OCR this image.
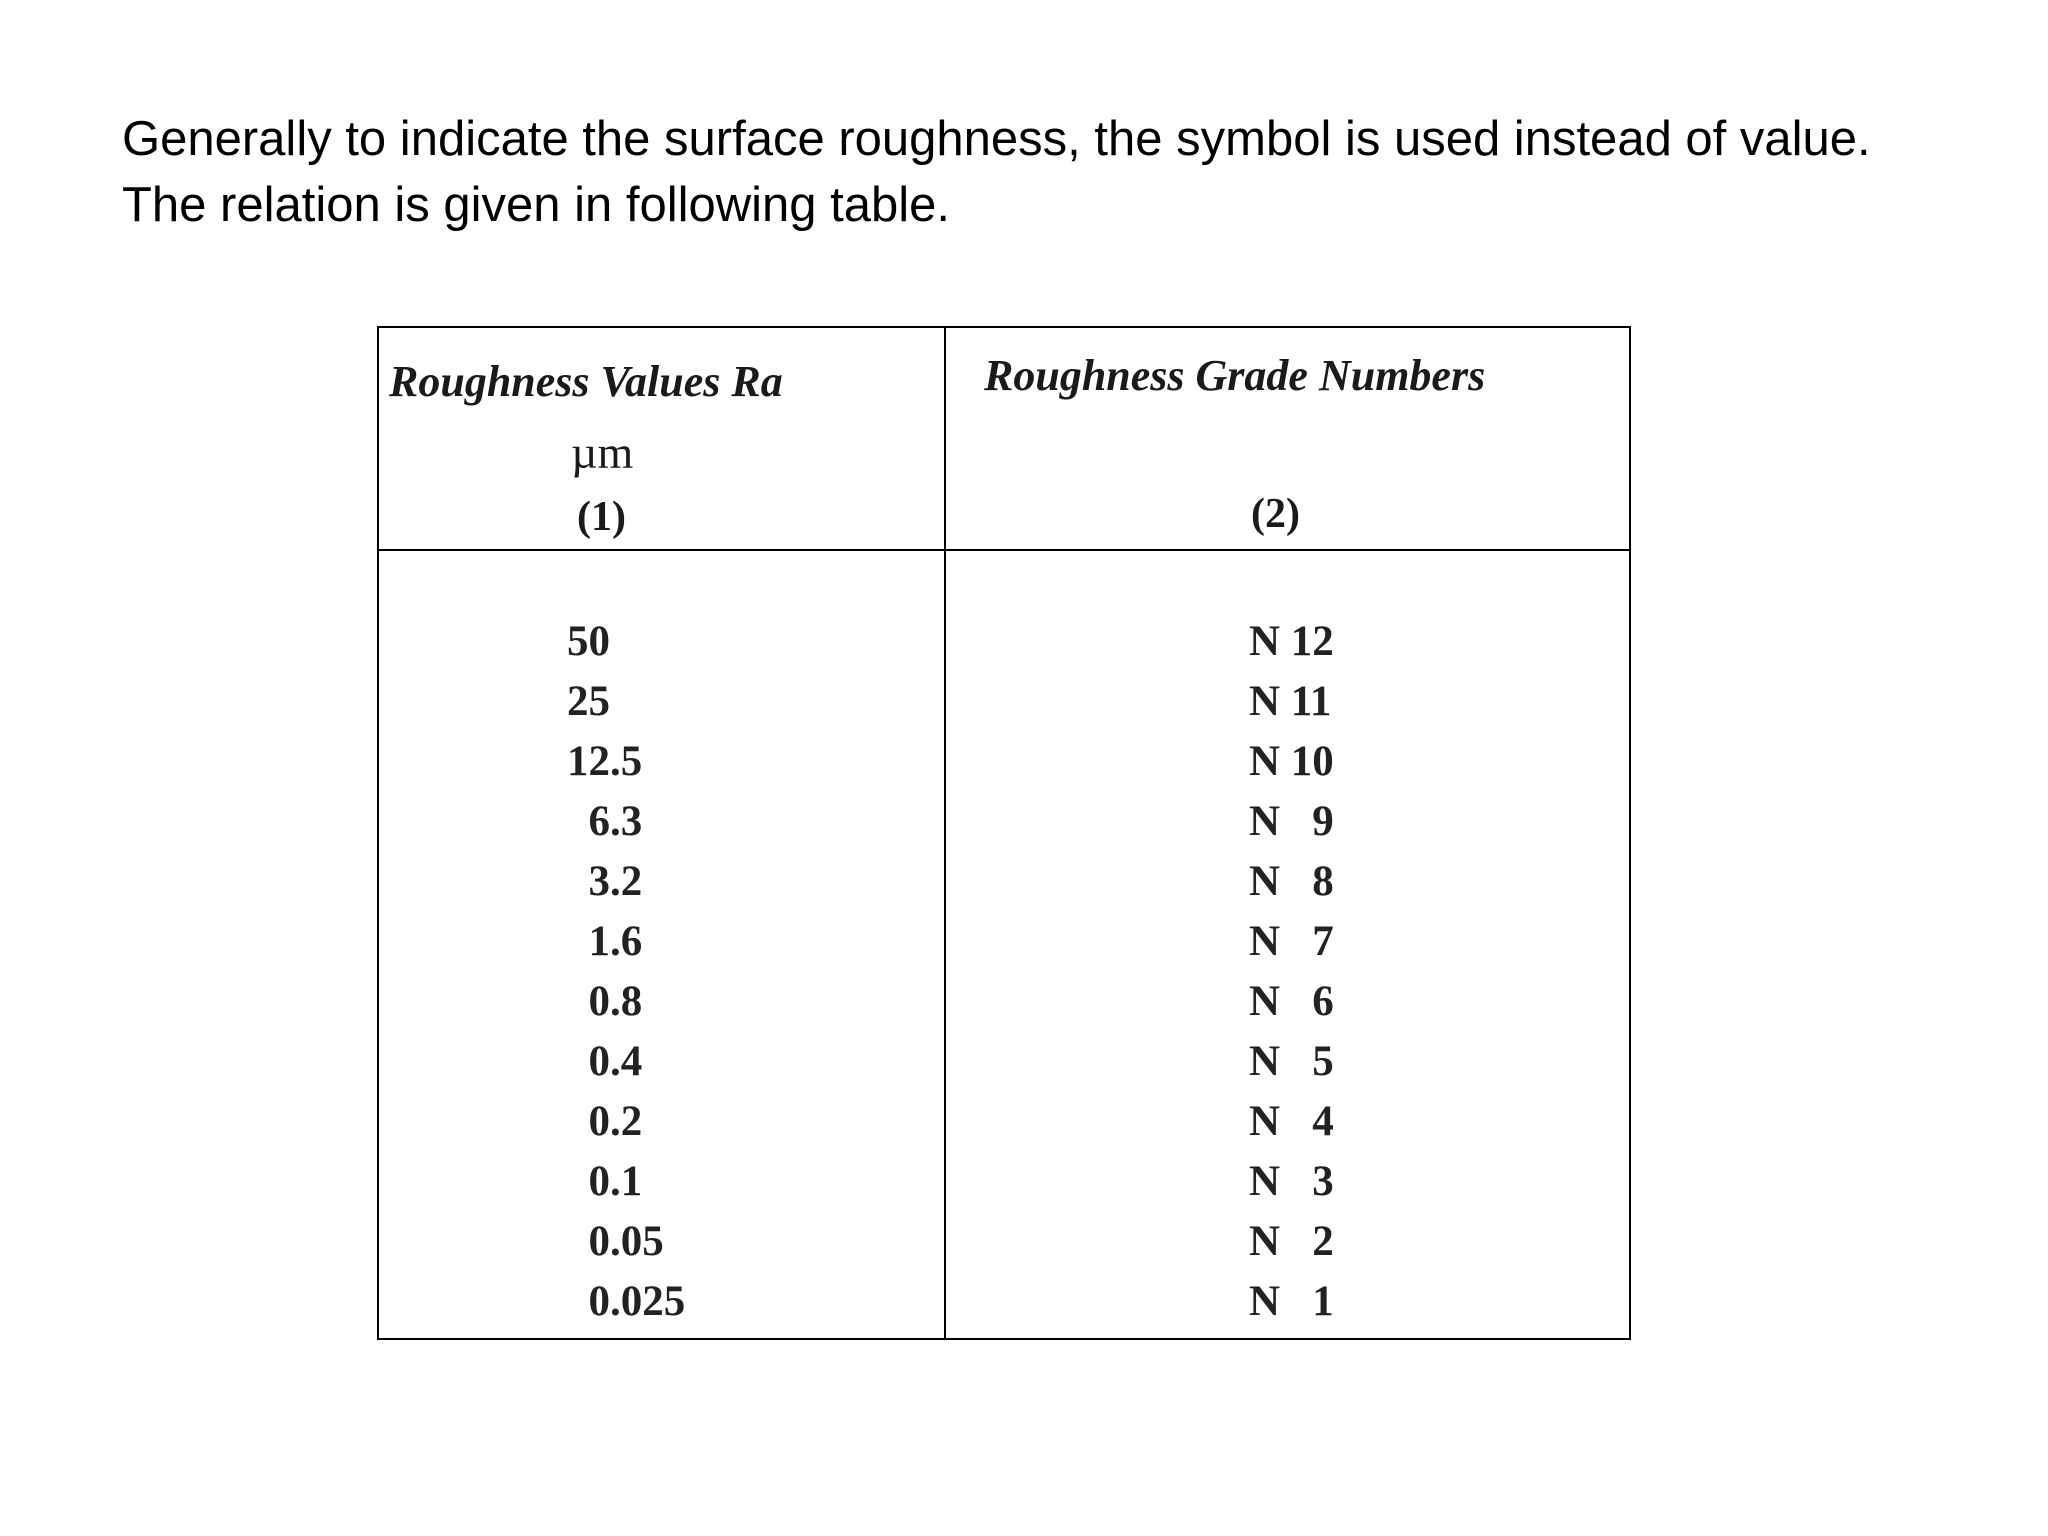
Generally to indicate the surface roughness, the symbol is used instead of value.
The relation is given in following table.
Roughness Values Ra
µm
(1)
Roughness Grade Numbers
(2)
50
25
12.5
6.3
3.2
1.6
0.8
0.4
0.2
0.1
0.05
0.025
N 12
N 11
N 10
N   9
N   8
N   7
N   6
N   5
N   4
N   3
N   2
N   1
